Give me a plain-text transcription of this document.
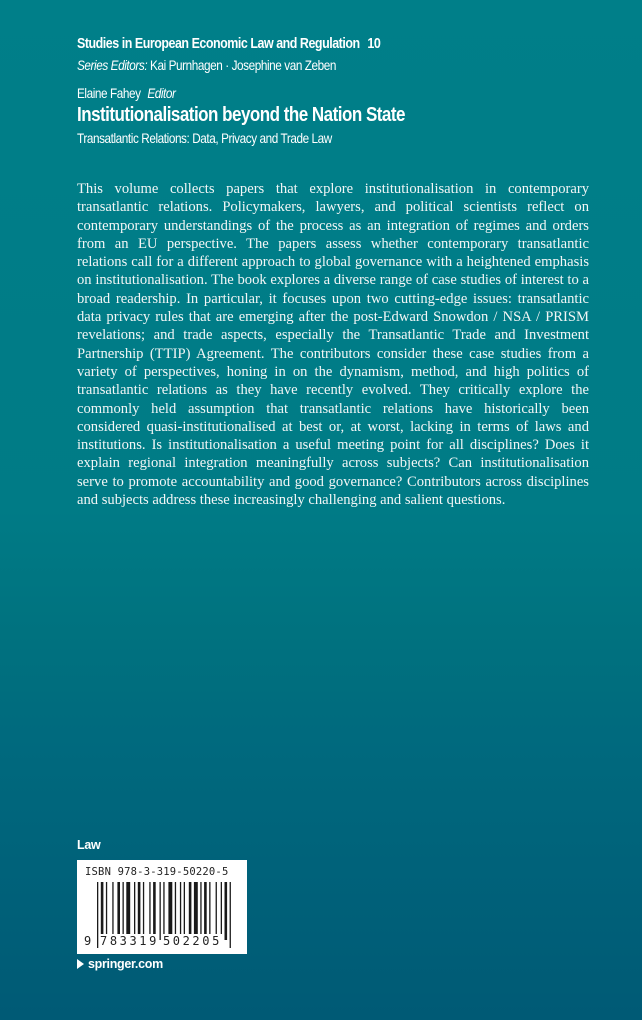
Studies in European Economic Law and Regulation 10
Series Editors: Kai Purnhagen · Josephine van Zeben
Elaine Fahey Editor
Institutionalisation beyond the Nation State
Transatlantic Relations: Data, Privacy and Trade Law

This volume collects papers that explore institutionalisation in contemporary transatlantic relations. Policymakers, lawyers, and political scientists reflect on contemporary understandings of the process as an integration of regimes and orders from an EU perspective. The papers assess whether contemporary transatlantic relations call for a different approach to global governance with a heightened emphasis on institutionalisation. The book explores a diverse range of case studies of interest to a broad readership. In particular, it focuses upon two cutting-edge issues: transatlantic data privacy rules that are emerging after the post-Edward Snowdon / NSA / PRISM revelations; and trade aspects, especially the Transatlantic Trade and Investment Partnership (TTIP) Agreement. The contributors consider these case studies from a variety of perspectives, honing in on the dynamism, method, and high politics of transatlantic relations as they have recently evolved. They critically explore the commonly held assumption that transatlantic relations have historically been considered quasi-institutionalised at best or, at worst, lacking in terms of laws and institutions. Is institutionalisation a useful meeting point for all disciplines? Does it explain regional integration meaningfully across subjects? Can institutionalisation serve to promote accountability and good governance? Contributors across disciplines and subjects address these increasingly challenging and salient questions.

Law
ISBN 978-3-319-50220-5
9 783319 502205
springer.com
